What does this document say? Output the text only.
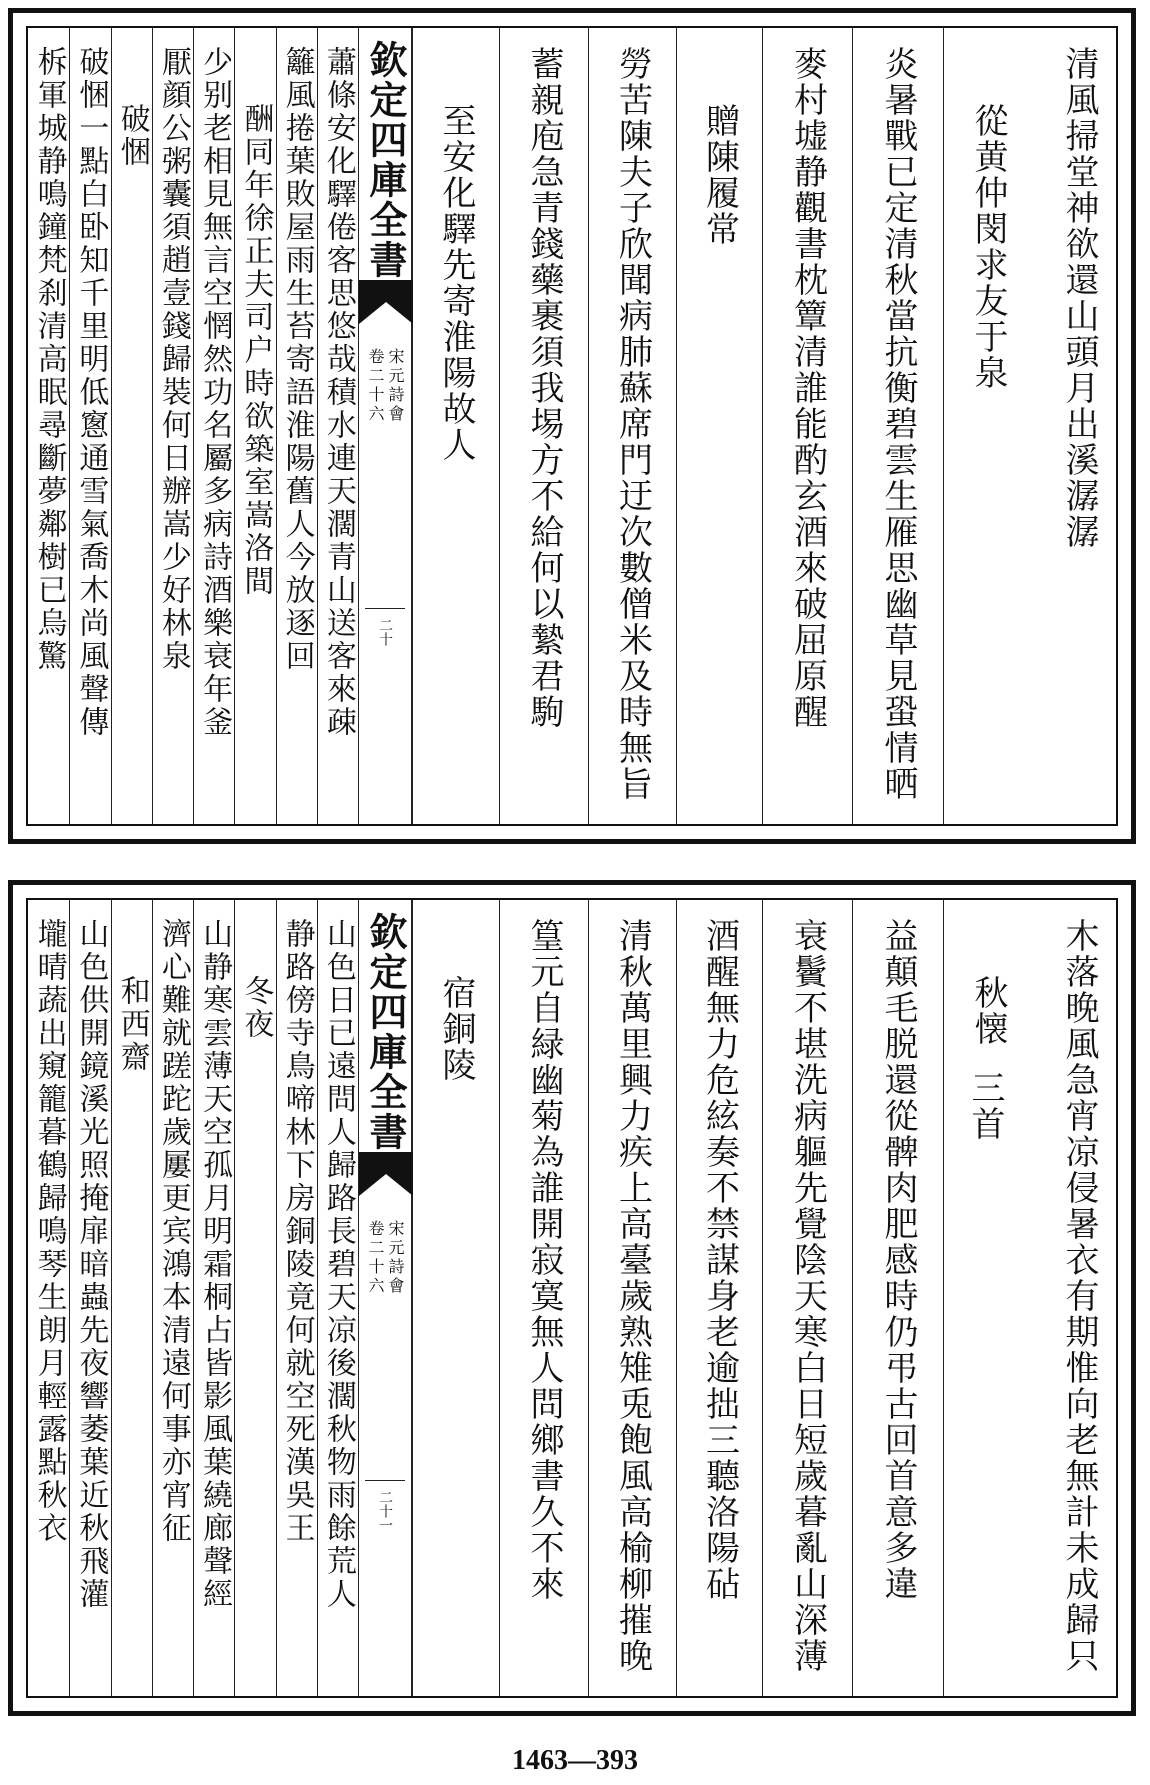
清風掃堂神欲還山頭月出溪潺潺
從黄仲閔求友于泉
炎暑戰已定清秋當抗衡碧雲生雁思幽草見蛩情晒
麥村墟静觀書枕簟清誰能酌玄酒來破屈原醒
贈陳履常
勞苦陳夫子欣聞病肺蘇席門迂次數僧米及時無旨
蓄親庖急青錢藥裹須我埸方不給何以縶君駒
至安化驛先寄淮陽故人
欽定四庫全書
宋元詩會
卷二十六
二十
蕭條安化驛倦客思悠哉積水連天濶青山送客來疎
籬風捲葉敗屋雨生苔寄語淮陽舊人今放逐回
酬同年徐正夫司户時欲築室嵩洛間
少别老相見無言空惘然功名屬多病詩酒樂衰年釜
厭顔公粥囊須趙壹錢歸裝何日辦嵩少好林泉
破悃
破悃一點白卧知千里明低窻通雪氣喬木尚風聲傳
柝軍城静鳴鐘梵刹清高眠尋斷夢鄰樹已烏驚
木落晚風急宵凉侵暑衣有期惟向老無計未成歸只
秋懐
三首
益顛毛脱還從髀肉肥感時仍弔古回首意多違
衰鬢不堪洗病軀先覺陰天寒白日短歲暮亂山深薄
酒醒無力危絃奏不禁謀身老逾拙三聽洛陽砧
清秋萬里興力疾上高臺歲熟雉兎飽風高榆柳摧晚
篁元自緑幽菊為誰開寂寞無人問鄉書久不來
宿銅陵
欽定四庫全書
宋元詩會
卷二十六
二十一
山色日已遠問人歸路長碧天凉後濶秋物雨餘荒人
静路傍寺鳥啼林下房銅陵竟何就空死漢吳王
冬夜
山静寒雲薄天空孤月明霜桐占皆影風葉繞廊聲經
濟心難就蹉跎歲屢更宾鴻本清遠何事亦宵征
和西齋
山色供開鏡溪光照掩扉暗蟲先夜響萎葉近秋飛灌
壠晴蔬出窺籠暮鶴歸鳴琴生朗月輕露點秋衣
1463—393
